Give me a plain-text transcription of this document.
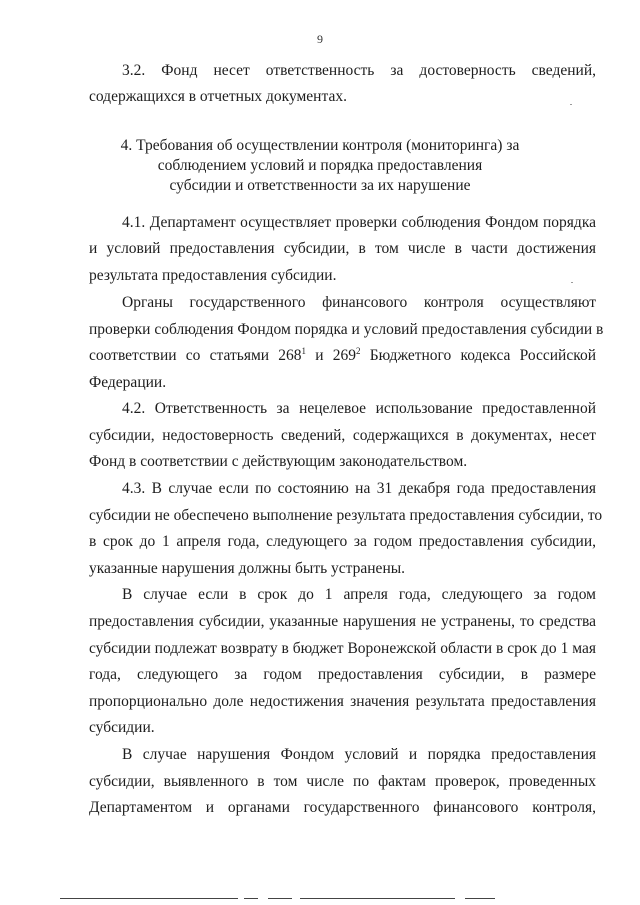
9
3.2. Фонд несет ответственность за достоверность сведений,
содержащихся в отчетных документах.
4. Требования об осуществлении контроля (мониторинга) за
соблюдением условий и порядка предоставления
субсидии и ответственности за их нарушение
4.1. Департамент осуществляет проверки соблюдения Фондом порядка
и условий предоставления субсидии, в том числе в части достижения
результата предоставления субсидии.
Органы государственного финансового контроля осуществляют
проверки соблюдения Фондом порядка и условий предоставления субсидии в
соответствии со статьями $268^1$ и $269^2$ Бюджетного кодекса Российской
Федерации.
4.2. Ответственность за нецелевое использование предоставленной
субсидии, недостоверность сведений, содержащихся в документах, несет
Фонд в соответствии с действующим законодательством.
4.3. В случае если по состоянию на 31 декабря года предоставления
субсидии не обеспечено выполнение результата предоставления субсидии, то
в срок до 1 апреля года, следующего за годом предоставления субсидии,
указанные нарушения должны быть устранены.
В случае если в срок до 1 апреля года, следующего за годом
предоставления субсидии, указанные нарушения не устранены, то средства
субсидии подлежат возврату в бюджет Воронежской области в срок до 1 мая
года, следующего за годом предоставления субсидии, в размере
пропорционально доле недостижения значения результата предоставления
субсидии.
В случае нарушения Фондом условий и порядка предоставления
субсидии, выявленного в том числе по фактам проверок, проведенных
Департаментом и органами государственного финансового контроля,
